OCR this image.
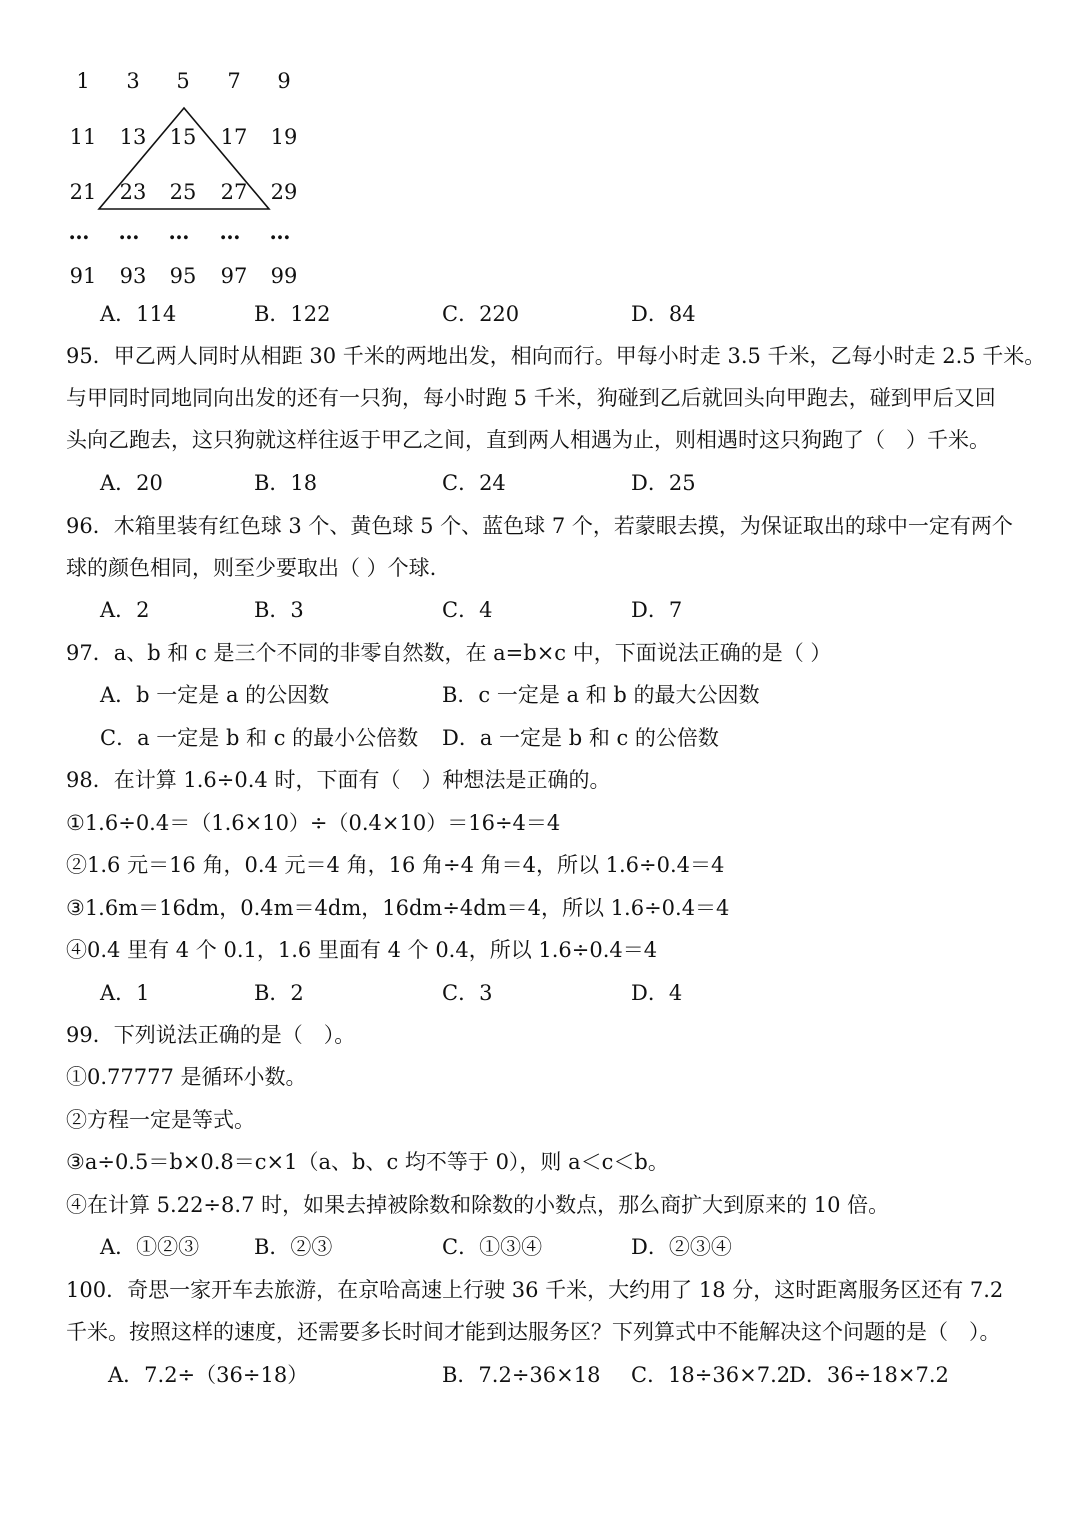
1	3	5	7	9
11	13	15	17	19
21	23	25	27	29
…	…	…	…	…
91	93	95	97	99
A．114	B．122	C．220	D．84
95．甲乙两人同时从相距 30 千米的两地出发，相向而行。甲每小时走 3.5 千米，乙每小时走 2.5 千米。
与甲同时同地同向出发的还有一只狗，每小时跑 5 千米，狗碰到乙后就回头向甲跑去，碰到甲后又回
头向乙跑去，这只狗就这样往返于甲乙之间，直到两人相遇为止，则相遇时这只狗跑了（　）千米。
A．20	B．18	C．24	D．25
96．木箱里装有红色球 3 个、黄色球 5 个、蓝色球 7 个，若蒙眼去摸，为保证取出的球中一定有两个
球的颜色相同，则至少要取出（ ）个球.
A．2	B．3	C．4	D．7
97．a、b 和 c 是三个不同的非零自然数，在 a=b×c 中，下面说法正确的是（ ）
A．b 一定是 a 的公因数	B．c 一定是 a 和 b 的最大公因数
C．a 一定是 b 和 c 的最小公倍数 D．a 一定是 b 和 c 的公倍数
98．在计算 1.6÷0.4 时，下面有（　）种想法是正确的。
①1.6÷0.4＝（1.6×10）÷（0.4×10）＝16÷4＝4
②1.6 元＝16 角，0.4 元＝4 角，16 角÷4 角＝4，所以 1.6÷0.4＝4
③1.6m＝16dm，0.4m＝4dm，16dm÷4dm＝4，所以 1.6÷0.4＝4
④0.4 里有 4 个 0.1，1.6 里面有 4 个 0.4，所以 1.6÷0.4＝4
A．1	B．2	C．3	D．4
99．下列说法正确的是（　）。
①0.77777 是循环小数。
②方程一定是等式。
③a÷0.5＝b×0.8＝c×1（a、b、c 均不等于 0），则 a＜c＜b。
④在计算 5.22÷8.7 时，如果去掉被除数和除数的小数点，那么商扩大到原来的 10 倍。
A．①②③	B．②③	C．①③④	D．②③④
100．奇思一家开车去旅游，在京哈高速上行驶 36 千米，大约用了 18 分，这时距离服务区还有 7.2
千米。按照这样的速度，还需要多长时间才能到达服务区？下列算式中不能解决这个问题的是（　）。
A．7.2÷（36÷18）	B．7.2÷36×18 C．18÷36×7.2
D．36÷18×7.2
